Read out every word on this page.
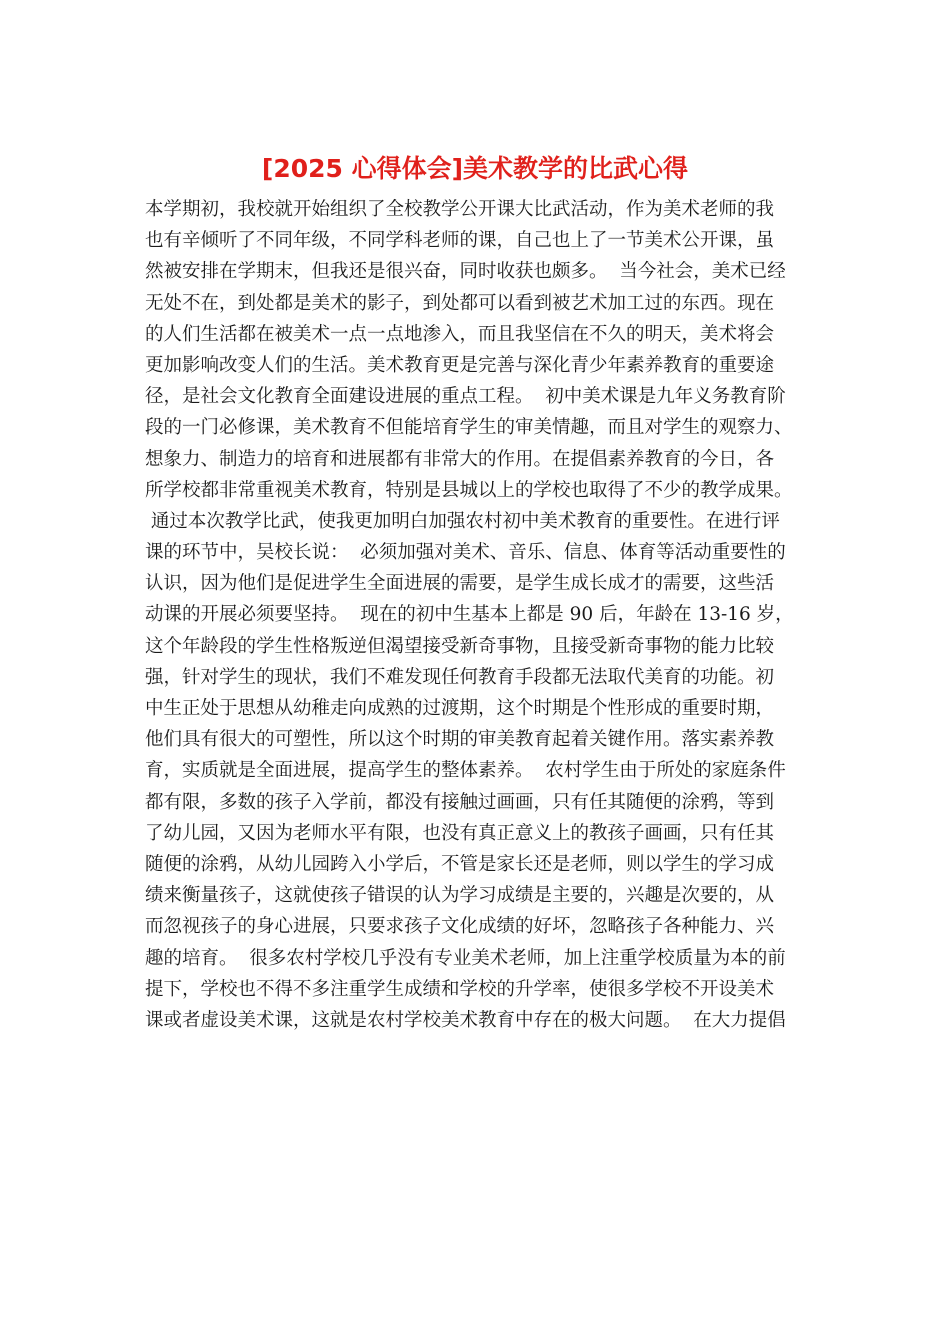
[2025 心得体会]美术教学的比武心得
本学期初，我校就开始组织了全校教学公开课大比武活动，作为美术老师的我
也有辛倾听了不同年级，不同学科老师的课，自己也上了一节美术公开课，虽
然被安排在学期末，但我还是很兴奋，同时收获也颇多。  当今社会，美术已经
无处不在，到处都是美术的影子，到处都可以看到被艺术加工过的东西。现在
的人们生活都在被美术一点一点地渗入，而且我坚信在不久的明天，美术将会
更加影响改变人们的生活。美术教育更是完善与深化青少年素养教育的重要途
径，是社会文化教育全面建设进展的重点工程。  初中美术课是九年义务教育阶
段的一门必修课，美术教育不但能培育学生的审美情趣，而且对学生的观察力、
想象力、制造力的培育和进展都有非常大的作用。在提倡素养教育的今日，各
所学校都非常重视美术教育，特别是县城以上的学校也取得了不少的教学成果。
通过本次教学比武，使我更加明白加强农村初中美术教育的重要性。在进行评
课的环节中，吴校长说：  必须加强对美术、音乐、信息、体育等活动重要性的
认识，因为他们是促进学生全面进展的需要，是学生成长成才的需要，这些活
动课的开展必须要坚持。  现在的初中生基本上都是 90 后，年龄在 13-16 岁，
这个年龄段的学生性格叛逆但渴望接受新奇事物，且接受新奇事物的能力比较
强，针对学生的现状，我们不难发现任何教育手段都无法取代美育的功能。初
中生正处于思想从幼稚走向成熟的过渡期，这个时期是个性形成的重要时期，
他们具有很大的可塑性，所以这个时期的审美教育起着关键作用。落实素养教
育，实质就是全面进展，提高学生的整体素养。  农村学生由于所处的家庭条件
都有限，多数的孩子入学前，都没有接触过画画，只有任其随便的涂鸦，等到
了幼儿园，又因为老师水平有限，也没有真正意义上的教孩子画画，只有任其
随便的涂鸦，从幼儿园跨入小学后，不管是家长还是老师，则以学生的学习成
绩来衡量孩子，这就使孩子错误的认为学习成绩是主要的，兴趣是次要的，从
而忽视孩子的身心进展，只要求孩子文化成绩的好坏，忽略孩子各种能力、兴
趣的培育。  很多农村学校几乎没有专业美术老师，加上注重学校质量为本的前
提下，学校也不得不多注重学生成绩和学校的升学率，使很多学校不开设美术
课或者虚设美术课，这就是农村学校美术教育中存在的极大问题。  在大力提倡
